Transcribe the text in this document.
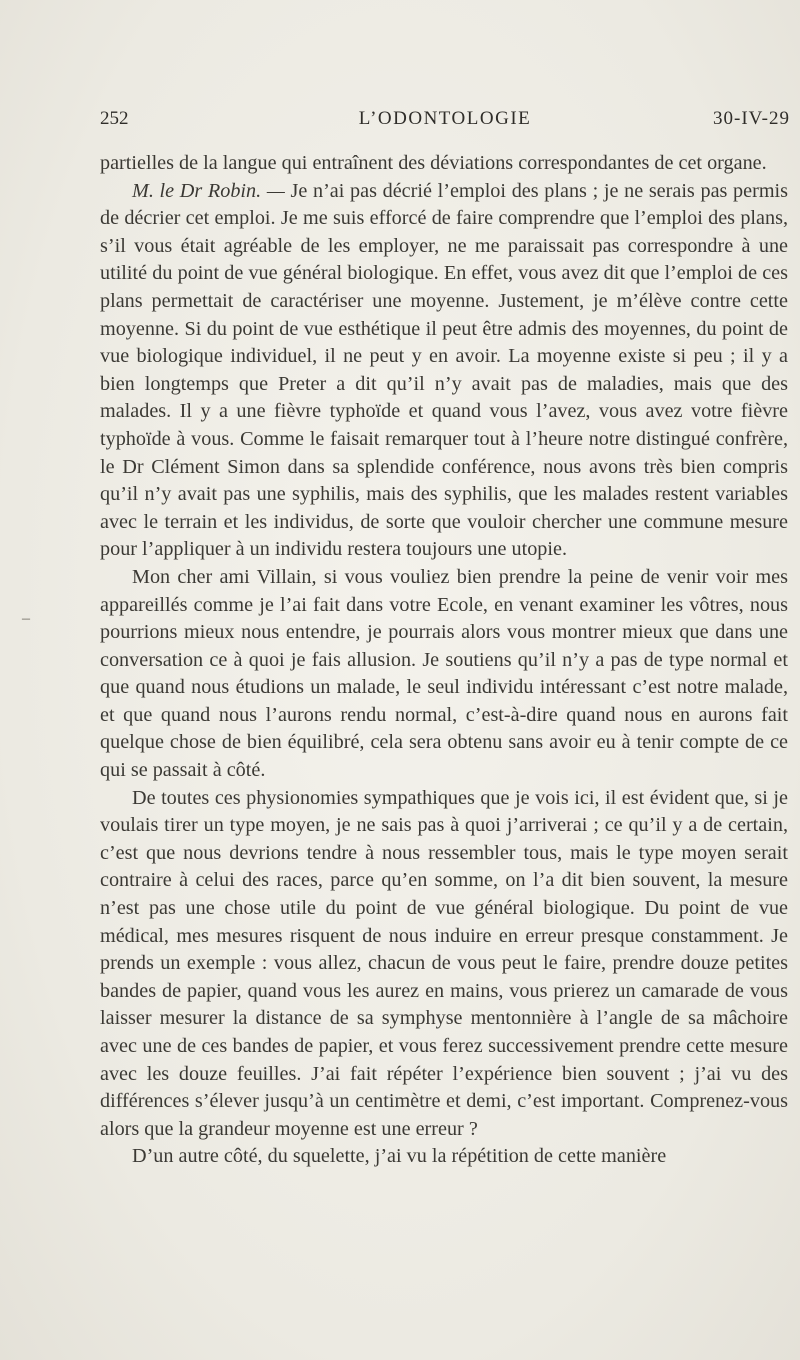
252	L’ODONTOLOGIE	30-IV-29
–

partielles de la langue qui entraînent des déviations correspondantes de cet organe.

M. le Dr Robin. — Je n’ai pas décrié l’emploi des plans ; je ne serais pas permis de décrier cet emploi. Je me suis efforcé de faire comprendre que l’emploi des plans, s’il vous était agréable de les employer, ne me paraissait pas correspondre à une utilité du point de vue général biologique. En effet, vous avez dit que l’emploi de ces plans permettait de caractériser une moyenne. Justement, je m’élève contre cette moyenne. Si du point de vue esthétique il peut être admis des moyennes, du point de vue biologique individuel, il ne peut y en avoir. La moyenne existe si peu ; il y a bien longtemps que Preter a dit qu’il n’y avait pas de maladies, mais que des malades. Il y a une fièvre typhoïde et quand vous l’avez, vous avez votre fièvre typhoïde à vous. Comme le faisait remarquer tout à l’heure notre distingué confrère, le Dr Clément Simon dans sa splendide conférence, nous avons très bien compris qu’il n’y avait pas une syphilis, mais des syphilis, que les malades restent variables avec le terrain et les individus, de sorte que vouloir chercher une commune mesure pour l’appliquer à un individu restera toujours une utopie.

Mon cher ami Villain, si vous vouliez bien prendre la peine de venir voir mes appareillés comme je l’ai fait dans votre Ecole, en venant examiner les vôtres, nous pourrions mieux nous entendre, je pourrais alors vous montrer mieux que dans une conversation ce à quoi je fais allusion. Je soutiens qu’il n’y a pas de type normal et que quand nous étudions un malade, le seul individu intéressant c’est notre malade, et que quand nous l’aurons rendu normal, c’est-à-dire quand nous en aurons fait quelque chose de bien équilibré, cela sera obtenu sans avoir eu à tenir compte de ce qui se passait à côté.

De toutes ces physionomies sympathiques que je vois ici, il est évident que, si je voulais tirer un type moyen, je ne sais pas à quoi j’arriverai ; ce qu’il y a de certain, c’est que nous devrions tendre à nous ressembler tous, mais le type moyen serait contraire à celui des races, parce qu’en somme, on l’a dit bien souvent, la mesure n’est pas une chose utile du point de vue général biologique. Du point de vue médical, mes mesures risquent de nous induire en erreur presque constamment. Je prends un exemple : vous allez, chacun de vous peut le faire, prendre douze petites bandes de papier, quand vous les aurez en mains, vous prierez un camarade de vous laisser mesurer la distance de sa symphyse mentonnière à l’angle de sa mâchoire avec une de ces bandes de papier, et vous ferez successivement prendre cette mesure avec les douze feuilles. J’ai fait répéter l’expérience bien souvent ; j’ai vu des différences s’élever jusqu’à un centimètre et demi, c’est important. Comprenez-vous alors que la grandeur moyenne est une erreur ?

D’un autre côté, du squelette, j’ai vu la répétition de cette manière
